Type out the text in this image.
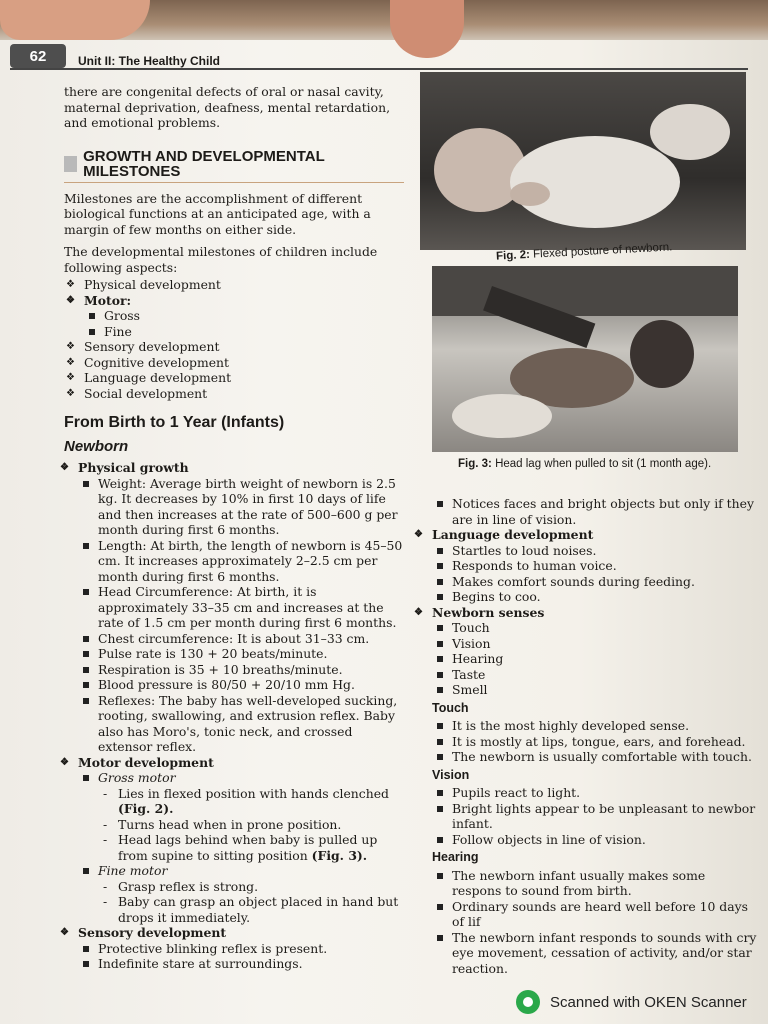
62	Unit II: The Healthy Child

there are congenital defects of oral or nasal cavity, maternal deprivation, deafness, mental retardation, and emotional problems.

GROWTH AND DEVELOPMENTAL MILESTONES

Milestones are the accomplishment of different biological functions at an anticipated age, with a margin of few months on either side.

The developmental milestones of children include following aspects:

❖ Physical development
❖ Motor:
Gross
Fine
❖ Sensory development
❖ Cognitive development
❖ Language development
❖ Social development
From Birth to 1 Year (Infants)
Newborn
❖ Physical growth
Weight: Average birth weight of newborn is 2.5 kg. It decreases by 10% in first 10 days of life and then increases at the rate of 500–600 g per month during first 6 months.
Length: At birth, the length of newborn is 45–50 cm. It increases approximately 2–2.5 cm per month during first 6 months.
Head Circumference: At birth, it is approximately 33–35 cm and increases at the rate of 1.5 cm per month during first 6 months.
Chest circumference: It is about 31–33 cm.
Pulse rate is 130 + 20 beats/minute.
Respiration is 35 + 10 breaths/minute.
Blood pressure is 80/50 + 20/10 mm Hg.
Reflexes: The baby has well-developed sucking, rooting, swallowing, and extrusion reflex. Baby also has Moro's, tonic neck, and crossed extensor reflex.
❖ Motor development
Gross motor
- Lies in flexed position with hands clenched (Fig. 2).
- Turns head when in prone position.
- Head lags behind when baby is pulled up from supine to sitting position (Fig. 3).
Fine motor
- Grasp reflex is strong.
- Baby can grasp an object placed in hand but drops it immediately.
❖ Sensory development
Protective blinking reflex is present.
Indefinite stare at surroundings.
Fig. 2: Flexed posture of newborn.
Fig. 3: Head lag when pulled to sit (1 month age).
Notices faces and bright objects but only if they are in line of vision.
❖ Language development
Startles to loud noises.
Responds to human voice.
Makes comfort sounds during feeding.
Begins to coo.
❖ Newborn senses
Touch
Vision
Hearing
Taste
Smell
Touch
It is the most highly developed sense.
It is mostly at lips, tongue, ears, and forehead.
The newborn is usually comfortable with touch.
Vision
Pupils react to light.
Bright lights appear to be unpleasant to newbor infant.
Follow objects in line of vision.
Hearing
The newborn infant usually makes some respons to sound from birth.
Ordinary sounds are heard well before 10 days of lif
The newborn infant responds to sounds with cry eye movement, cessation of activity, and/or star reaction.
Scanned with OKEN Scanner
